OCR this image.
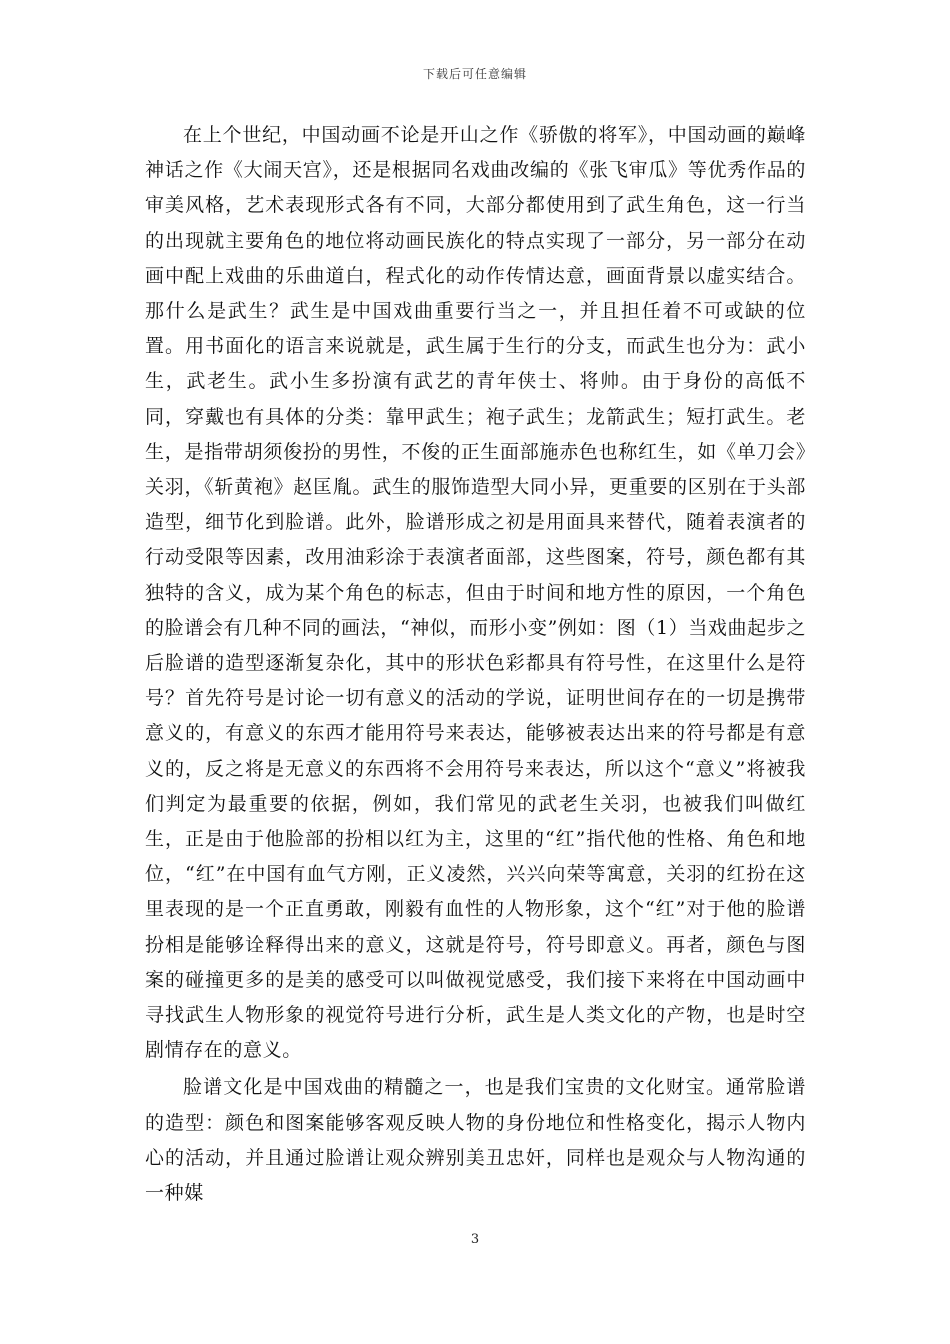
下载后可任意编辑

在上个世纪，中国动画不论是开山之作《骄傲的将军》，中国动画的巅峰神话之作《大闹天宫》，还是根据同名戏曲改编的《张飞审瓜》等优秀作品的审美风格，艺术表现形式各有不同，大部分都使用到了武生角色，这一行当的出现就主要角色的地位将动画民族化的特点实现了一部分，另一部分在动画中配上戏曲的乐曲道白，程式化的动作传情达意，画面背景以虚实结合。那什么是武生？武生是中国戏曲重要行当之一，并且担任着不可或缺的位置。用书面化的语言来说就是，武生属于生行的分支，而武生也分为：武小生，武老生。武小生多扮演有武艺的青年侠士、将帅。由于身份的高低不同，穿戴也有具体的分类：靠甲武生；袍子武生；龙箭武生；短打武生。老生，是指带胡须俊扮的男性，不俊的正生面部施赤色也称红生，如《单刀会》关羽，《斩黄袍》赵匡胤。武生的服饰造型大同小异，更重要的区别在于头部造型，细节化到脸谱。此外，脸谱形成之初是用面具来替代，随着表演者的行动受限等因素，改用油彩涂于表演者面部，这些图案，符号，颜色都有其独特的含义，成为某个角色的标志，但由于时间和地方性的原因，一个角色的脸谱会有几种不同的画法，“神似，而形小变”例如：图（1）当戏曲起步之后脸谱的造型逐渐复杂化，其中的形状色彩都具有符号性，在这里什么是符号？首先符号是讨论一切有意义的活动的学说，证明世间存在的一切是携带意义的，有意义的东西才能用符号来表达，能够被表达出来的符号都是有意义的，反之将是无意义的东西将不会用符号来表达，所以这个“意义”将被我们判定为最重要的依据，例如，我们常见的武老生关羽，也被我们叫做红生，正是由于他脸部的扮相以红为主，这里的“红”指代他的性格、角色和地位，“红”在中国有血气方刚，正义凌然，兴兴向荣等寓意，关羽的红扮在这里表现的是一个正直勇敢，刚毅有血性的人物形象，这个“红”对于他的脸谱扮相是能够诠释得出来的意义，这就是符号，符号即意义。再者，颜色与图案的碰撞更多的是美的感受可以叫做视觉感受，我们接下来将在中国动画中寻找武生人物形象的视觉符号进行分析，武生是人类文化的产物，也是时空剧情存在的意义。

脸谱文化是中国戏曲的精髓之一，也是我们宝贵的文化财宝。通常脸谱的造型：颜色和图案能够客观反映人物的身份地位和性格变化，揭示人物内心的活动，并且通过脸谱让观众辨别美丑忠奸，同样也是观众与人物沟通的一种媒

3
